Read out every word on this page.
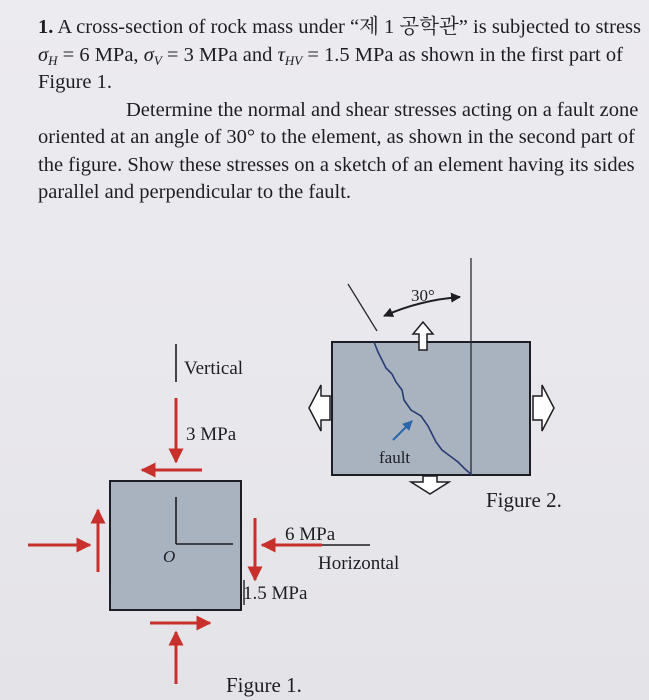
1. A cross-section of rock mass under “제 1 공학관” is subjected to stress $\sigma_H = 6$ MPa, $\sigma_V = 3$ MPa and $\tau_{HV} = 1.5$ MPa as shown in the first part of Figure 1.

Determine the normal and shear stresses acting on a fault zone oriented at an angle of 30° to the element, as shown in the second part of the figure. Show these stresses on a sketch of an element having its sides parallel and perpendicular to the fault.

Vertical
3 MPa
6 MPa
Horizontal
1.5 MPa
O
Figure 1.
30°
fault
Figure 2.
